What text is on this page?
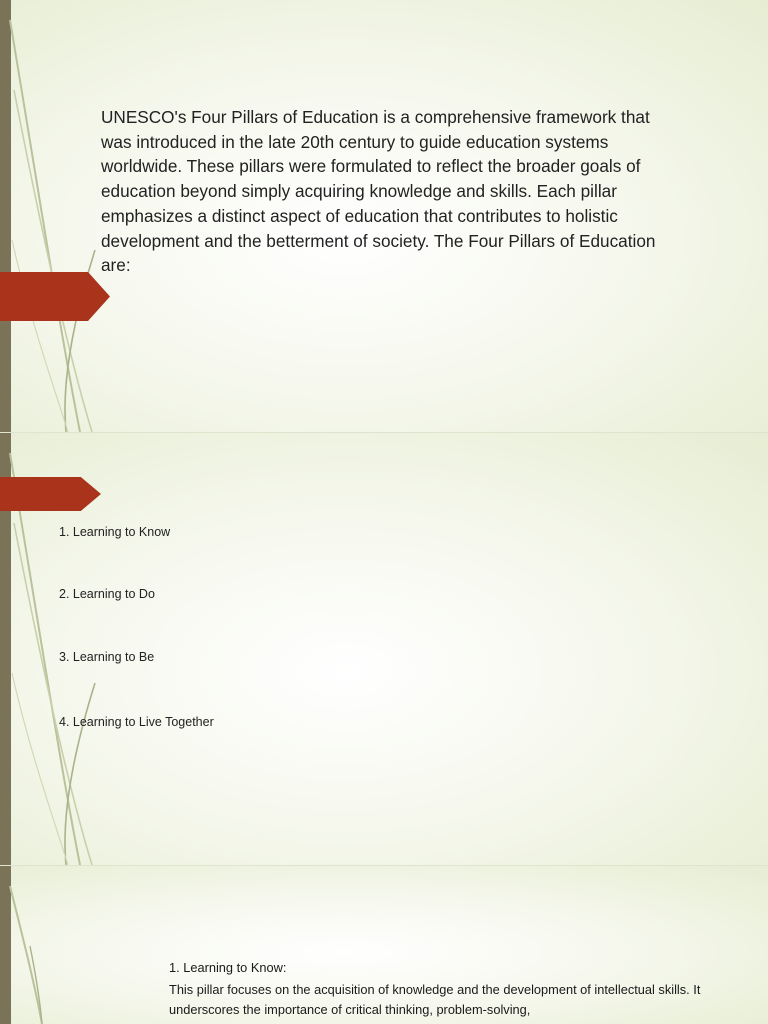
UNESCO's Four Pillars of Education is a comprehensive framework that was introduced in the late 20th century to guide education systems worldwide. These pillars were formulated to reflect the broader goals of education beyond simply acquiring knowledge and skills. Each pillar emphasizes a distinct aspect of education that contributes to holistic development and the betterment of society. The Four Pillars of Education are:

1. Learning to Know

2. Learning to Do

3. Learning to Be

4. Learning to Live Together

1. Learning to Know:

This pillar focuses on the acquisition of knowledge and the development of intellectual skills. It underscores the importance of critical thinking, problem-solving,
